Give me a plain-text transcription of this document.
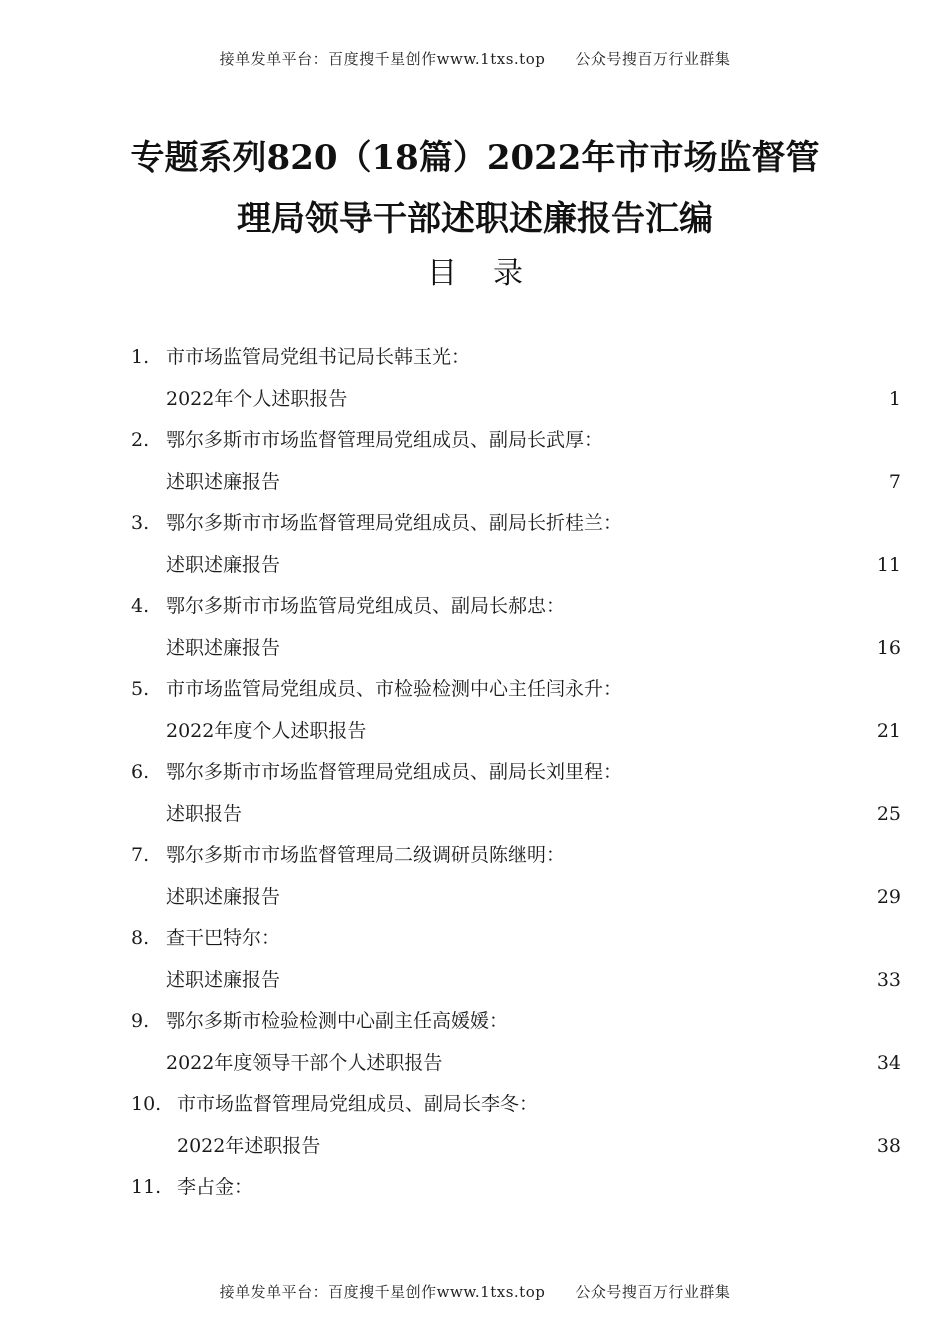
接单发单平台：百度搜千星创作www.1txs.top 公众号搜百万行业群集
专题系列820（18篇）2022年市市场监督管
理局领导干部述职述廉报告汇编
目录
1. 市市场监管局党组书记局长韩玉光：
2022年个人述职报告	1
2. 鄂尔多斯市市场监督管理局党组成员、副局长武厚：
述职述廉报告	7
3. 鄂尔多斯市市场监督管理局党组成员、副局长折桂兰：
述职述廉报告	11
4. 鄂尔多斯市市场监管局党组成员、副局长郝忠：
述职述廉报告	16
5. 市市场监管局党组成员、市检验检测中心主任闫永升：
2022年度个人述职报告	21
6. 鄂尔多斯市市场监督管理局党组成员、副局长刘里程：
述职报告	25
7. 鄂尔多斯市市场监督管理局二级调研员陈继明：
述职述廉报告	29
8. 查干巴特尔：
述职述廉报告	33
9. 鄂尔多斯市检验检测中心副主任高媛媛：
2022年度领导干部个人述职报告	34
10. 市市场监督管理局党组成员、副局长李冬：
2022年述职报告	38
11. 李占金：
接单发单平台：百度搜千星创作www.1txs.top 公众号搜百万行业群集
